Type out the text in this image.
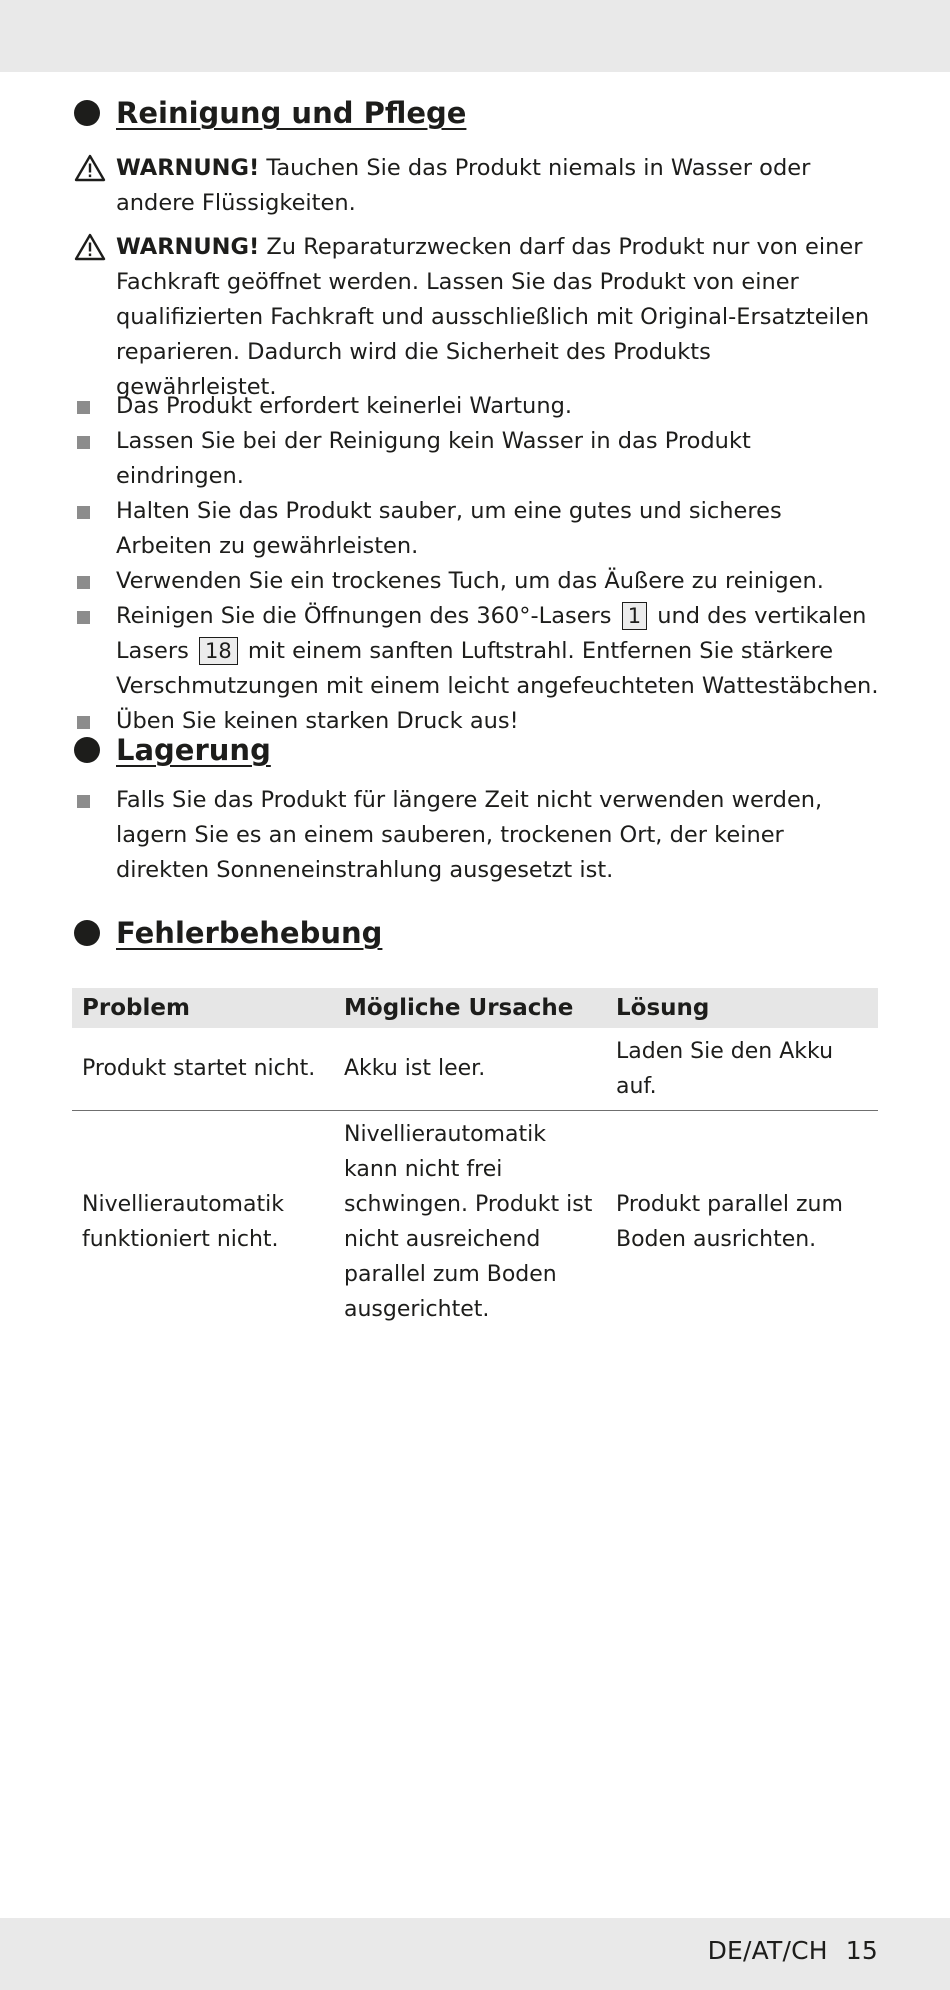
Reinigung und Pflege
WARNUNG! Tauchen Sie das Produkt niemals in Wasser oder andere Flüssigkeiten.
WARNUNG! Zu Reparaturzwecken darf das Produkt nur von einer Fachkraft geöffnet werden. Lassen Sie das Produkt von einer qualifizierten Fachkraft und ausschließlich mit Original-Ersatzteilen reparieren. Dadurch wird die Sicherheit des Produkts gewährleistet.
Das Produkt erfordert keinerlei Wartung.
Lassen Sie bei der Reinigung kein Wasser in das Produkt eindringen.
Halten Sie das Produkt sauber, um eine gutes und sicheres Arbeiten zu gewährleisten.
Verwenden Sie ein trockenes Tuch, um das Äußere zu reinigen.
Reinigen Sie die Öffnungen des 360°-Lasers 1 und des vertikalen Lasers 18 mit einem sanften Luftstrahl. Entfernen Sie stärkere Verschmutzungen mit einem leicht angefeuchteten Wattestäbchen.
Üben Sie keinen starken Druck aus!
Lagerung
Falls Sie das Produkt für längere Zeit nicht verwenden werden, lagern Sie es an einem sauberen, trockenen Ort, der keiner direkten Sonneneinstrahlung ausgesetzt ist.
Fehlerbehebung
Problem	Mögliche Ursache	Lösung
Produkt startet nicht.	Akku ist leer.	Laden Sie den Akku auf.
Nivellierautomatik funktioniert nicht.	Nivellierautomatik kann nicht frei schwingen. Produkt ist nicht ausreichend parallel zum Boden ausgerichtet.	Produkt parallel zum Boden ausrichten.
DE/AT/CH 15
